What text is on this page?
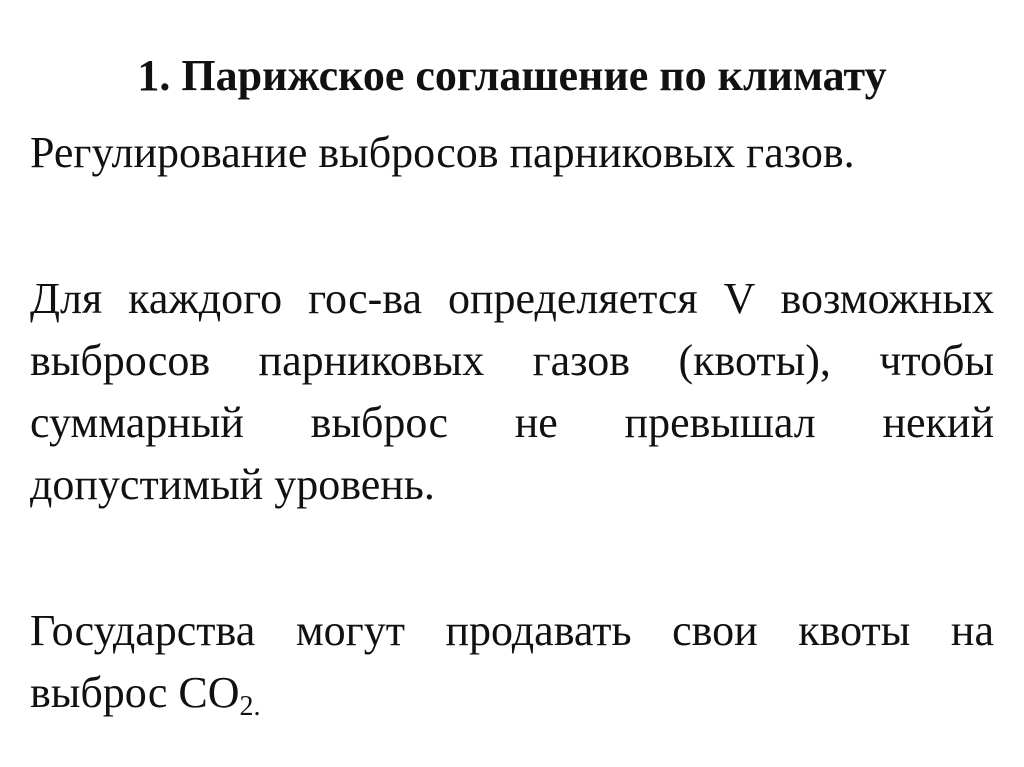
1. Парижское соглашение по климату

Регулирование выбросов парниковых газов.

Для каждого гос-ва определяется V возможных выбросов парниковых газов (квоты), чтобы суммарный выброс не превышал некий допустимый уровень.

Государства могут продавать свои квоты на
выброс $CO_{2.}$
